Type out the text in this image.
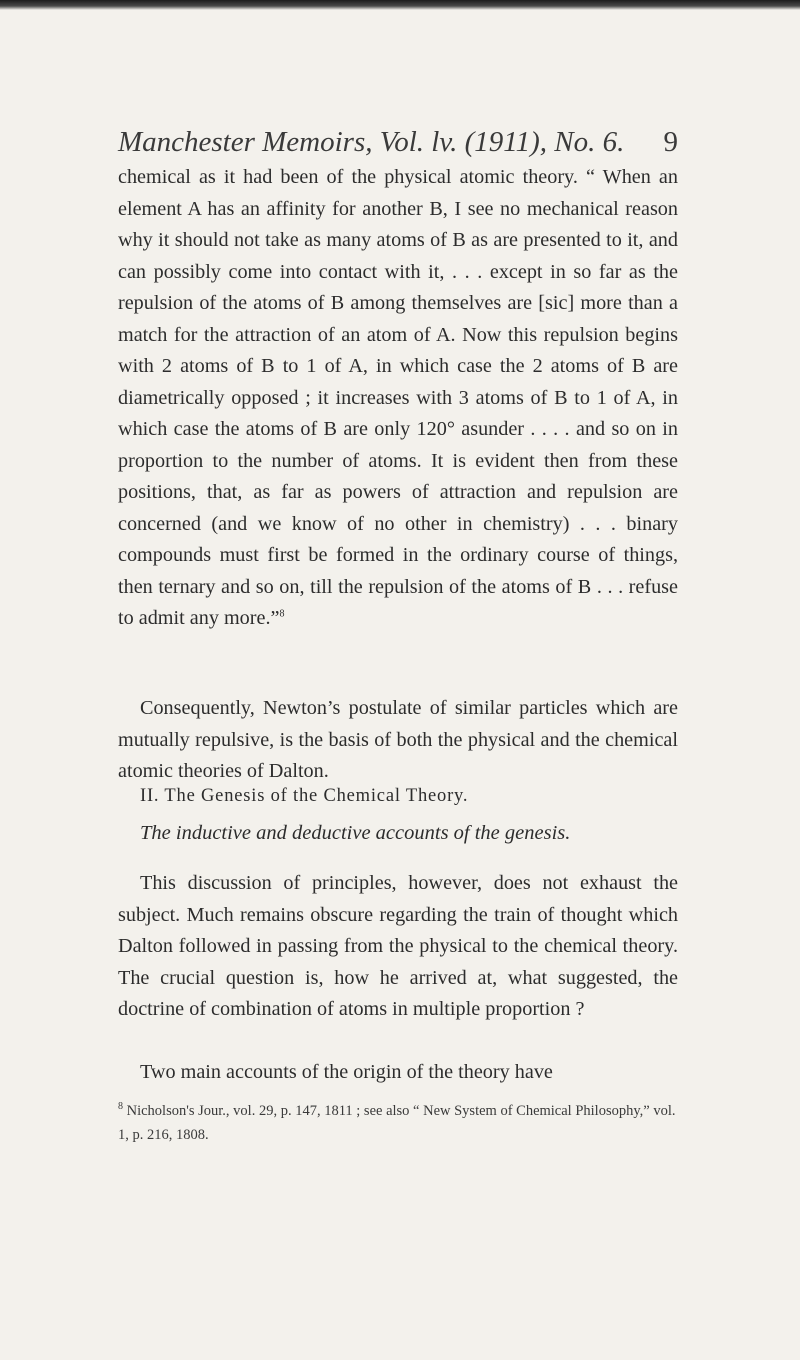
Manchester Memoirs, Vol. lv. (1911), No. 6. 9
chemical as it had been of the physical atomic theory. “ When an element A has an affinity for another B, I see no mechanical reason why it should not take as many atoms of B as are presented to it, and can possibly come into contact with it, . . . except in so far as the repulsion of the atoms of B among themselves are [sic] more than a match for the attraction of an atom of A. Now this repulsion begins with 2 atoms of B to 1 of A, in which case the 2 atoms of B are diametrically opposed ; it increases with 3 atoms of B to 1 of A, in which case the atoms of B are only 120° asunder . . . . and so on in proportion to the number of atoms. It is evident then from these positions, that, as far as powers of attraction and repulsion are concerned (and we know of no other in chemistry) . . . binary compounds must first be formed in the ordinary course of things, then ternary and so on, till the repulsion of the atoms of B . . . refuse to admit any more.”$^8$
Consequently, Newton’s postulate of similar particles which are mutually repulsive, is the basis of both the physical and the chemical atomic theories of Dalton.
II. The Genesis of the Chemical Theory.
The inductive and deductive accounts of the genesis.
This discussion of principles, however, does not exhaust the subject. Much remains obscure regarding the train of thought which Dalton followed in passing from the physical to the chemical theory. The crucial question is, how he arrived at, what suggested, the doctrine of combination of atoms in multiple proportion ?
Two main accounts of the origin of the theory have
$^8$ Nicholson's Jour., vol. 29, p. 147, 1811 ; see also “ New System of Chemical Philosophy,” vol. 1, p. 216, 1808.
